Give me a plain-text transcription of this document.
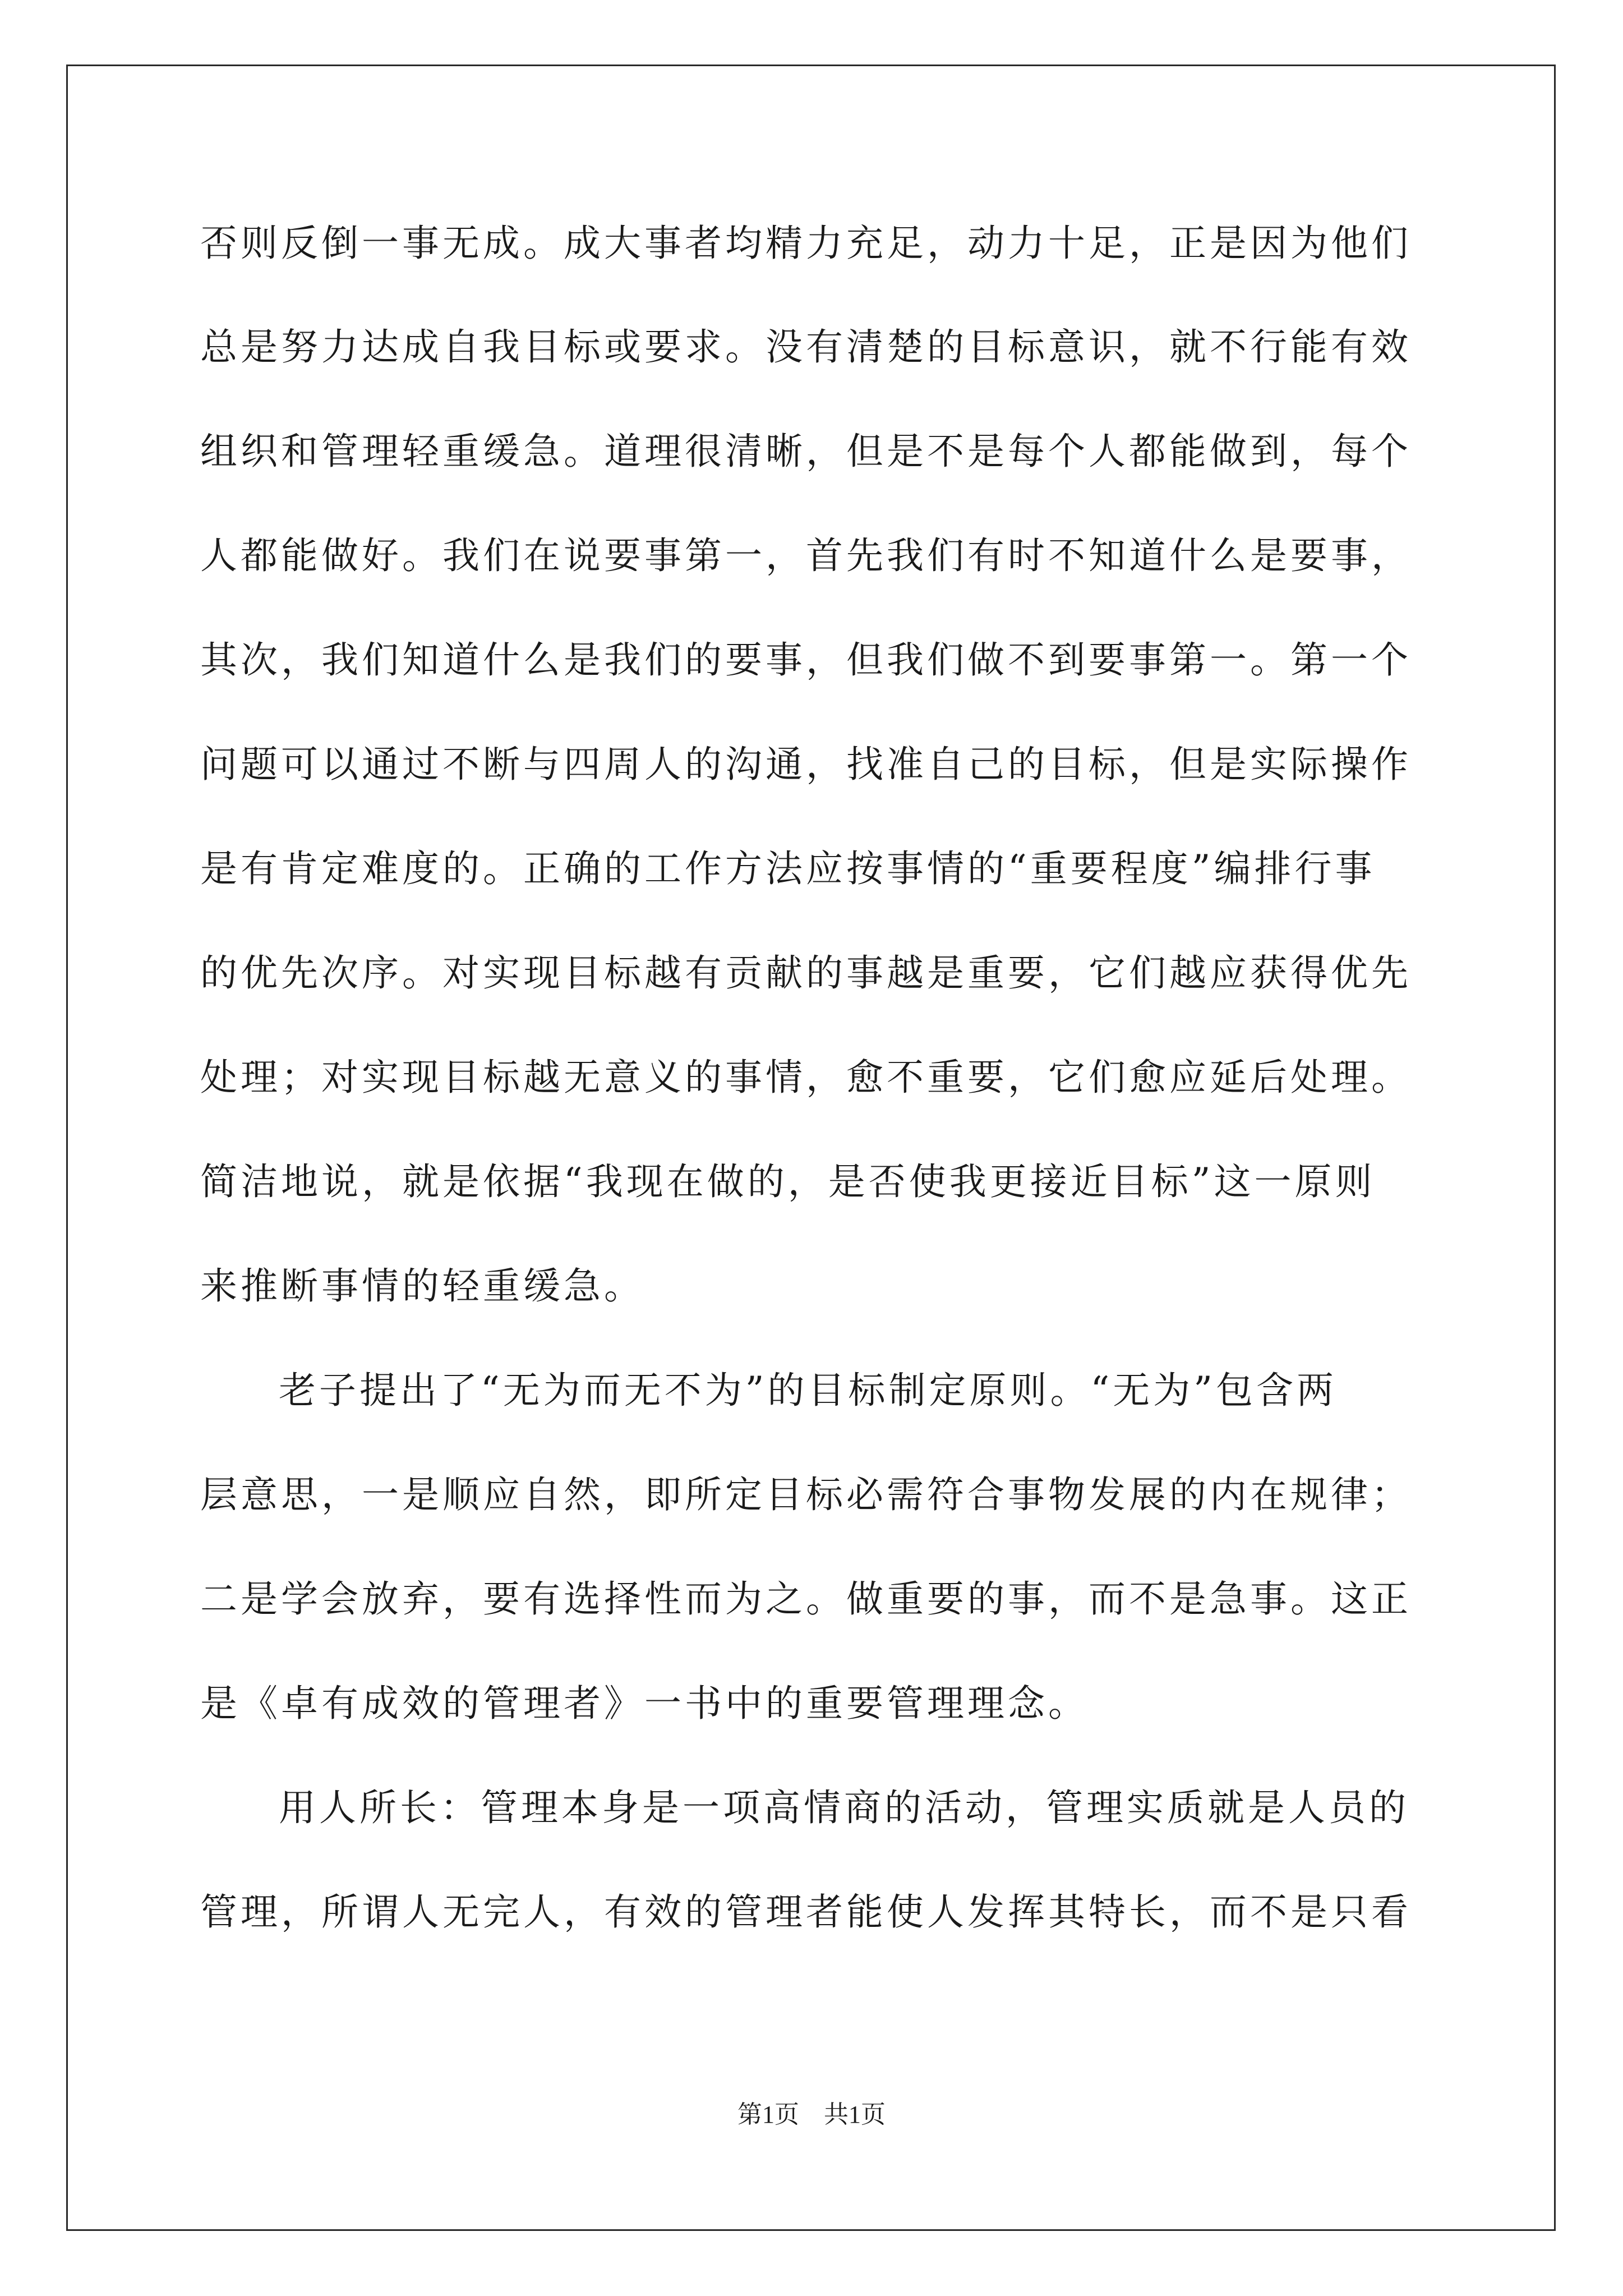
否则反倒一事无成。成大事者均精力充足，动力十足，正是因为他们
总是努力达成自我目标或要求。没有清楚的目标意识，就不行能有效
组织和管理轻重缓急。道理很清晰，但是不是每个人都能做到，每个
人都能做好。我们在说要事第一，首先我们有时不知道什么是要事，
其次，我们知道什么是我们的要事，但我们做不到要事第一。第一个
问题可以通过不断与四周人的沟通，找准自己的目标，但是实际操作
是有肯定难度的。正确的工作方法应按事情的“重要程度”编排行事
的优先次序。对实现目标越有贡献的事越是重要，它们越应获得优先
处理；对实现目标越无意义的事情，愈不重要，它们愈应延后处理。
简洁地说，就是依据“我现在做的，是否使我更接近目标”这一原则
来推断事情的轻重缓急。
老子提出了“无为而无不为”的目标制定原则。“无为”包含两
层意思，一是顺应自然，即所定目标必需符合事物发展的内在规律；
二是学会放弃，要有选择性而为之。做重要的事，而不是急事。这正
是《卓有成效的管理者》一书中的重要管理理念。
用人所长：管理本身是一项高情商的活动，管理实质就是人员的
管理，所谓人无完人，有效的管理者能使人发挥其特长，而不是只看
第1页　共1页
